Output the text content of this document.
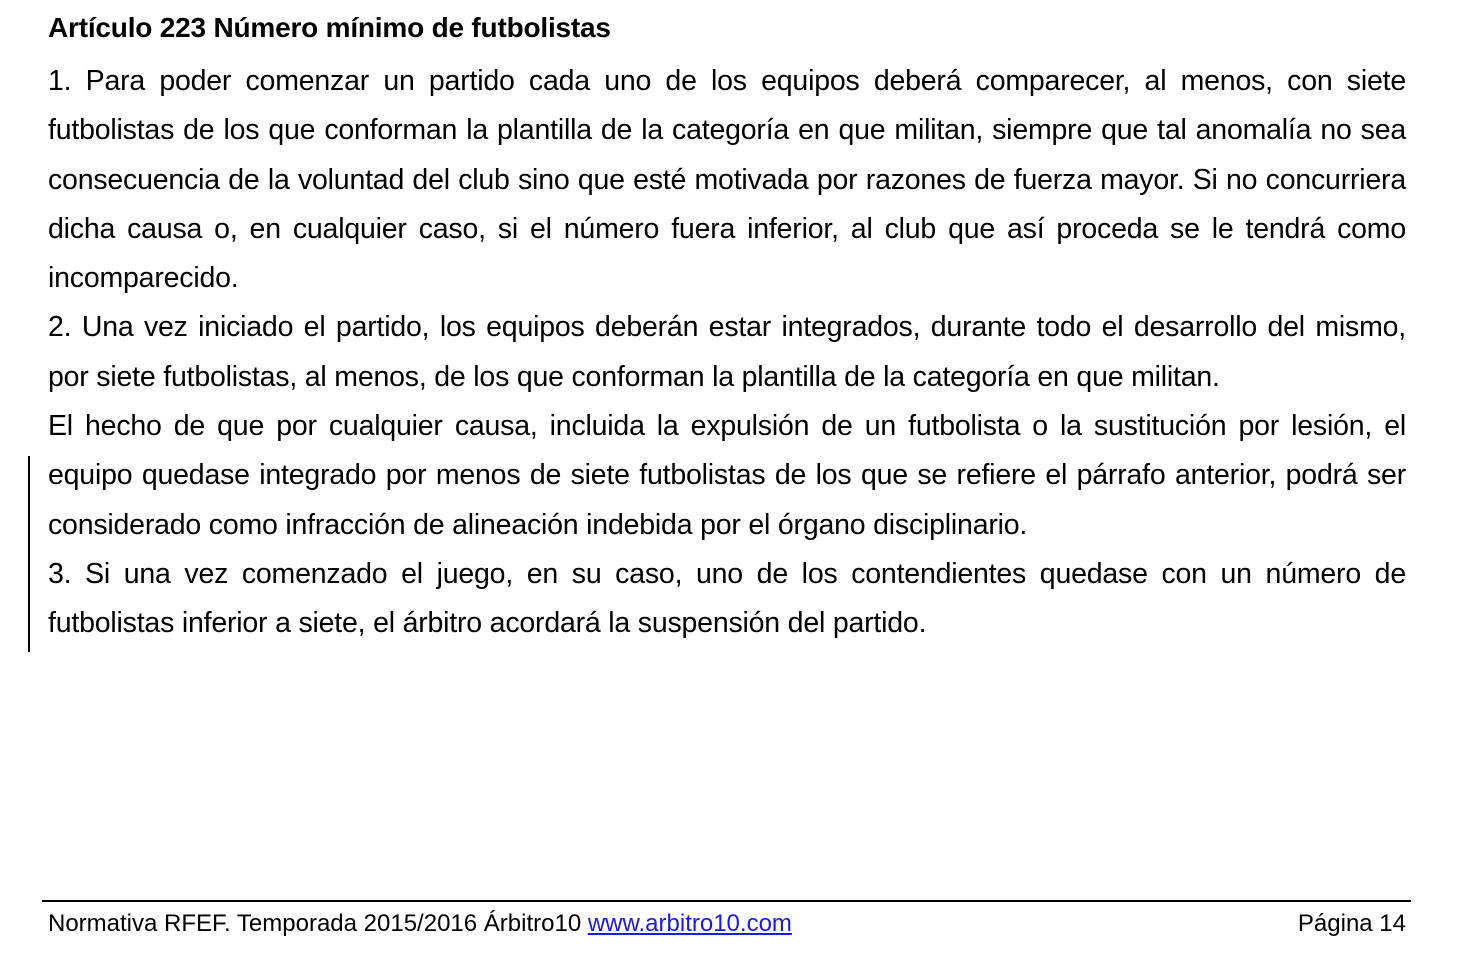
Artículo 223 Número mínimo de futbolistas

1. Para poder comenzar un partido cada uno de los equipos deberá comparecer, al menos, con siete futbolistas de los que conforman la plantilla de la categoría en que militan, siempre que tal anomalía no sea consecuencia de la voluntad del club sino que esté motivada por razones de fuerza mayor. Si no concurriera dicha causa o, en cualquier caso, si el número fuera inferior, al club que así proceda se le tendrá como incomparecido.

2. Una vez iniciado el partido, los equipos deberán estar integrados, durante todo el desarrollo del mismo, por siete futbolistas, al menos, de los que conforman la plantilla de la categoría en que militan.

El hecho de que por cualquier causa, incluida la expulsión de un futbolista o la sustitución por lesión, el equipo quedase integrado por menos de siete futbolistas de los que se refiere el párrafo anterior, podrá ser considerado como infracción de alineación indebida por el órgano disciplinario.

3. Si una vez comenzado el juego, en su caso, uno de los contendientes quedase con un número de futbolistas inferior a siete, el árbitro acordará la suspensión del partido.

Normativa RFEF. Temporada 2015/2016 Árbitro10 www.arbitro10.com	Página 14
